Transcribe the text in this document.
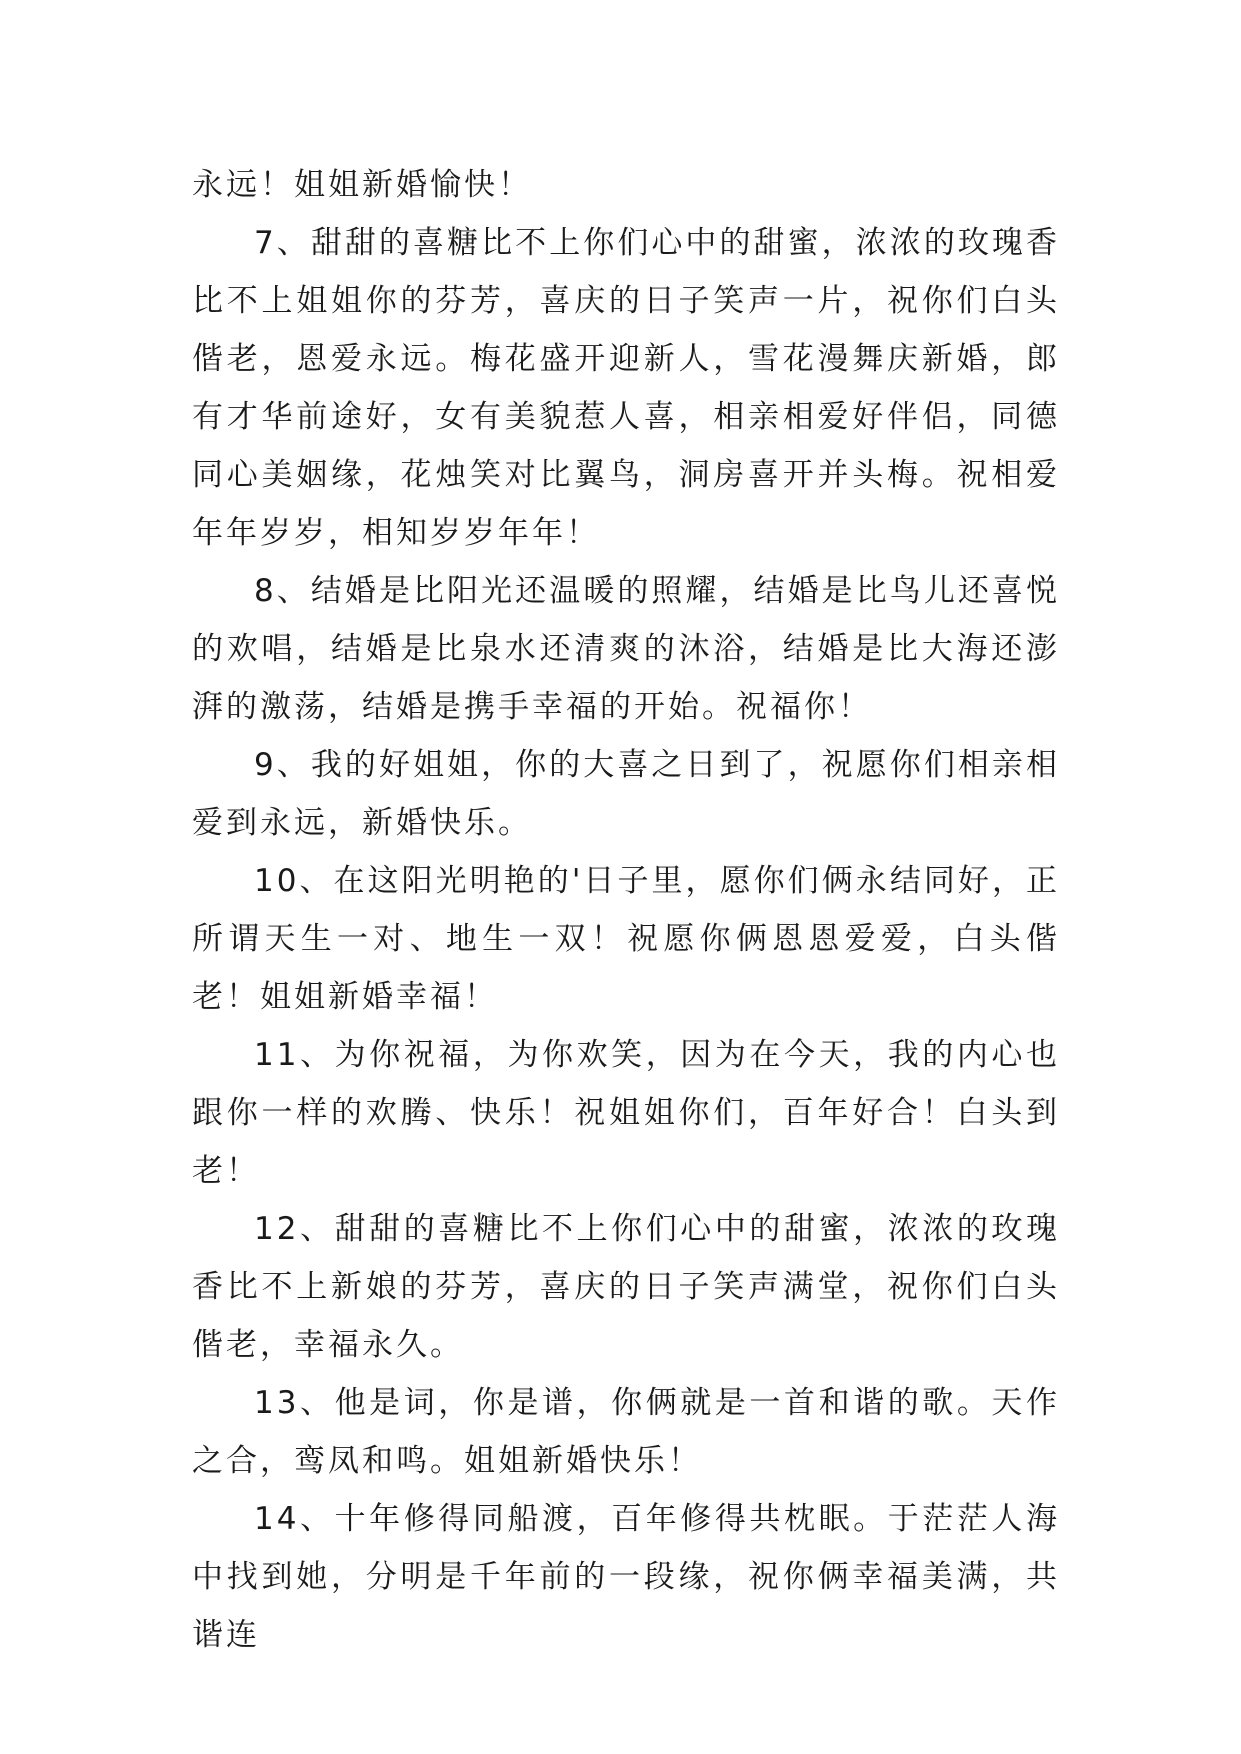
永远！姐姐新婚愉快！

7、甜甜的喜糖比不上你们心中的甜蜜，浓浓的玫瑰香比不上姐姐你的芬芳，喜庆的日子笑声一片，祝你们白头偕老，恩爱永远。梅花盛开迎新人，雪花漫舞庆新婚，郎有才华前途好，女有美貌惹人喜，相亲相爱好伴侣，同德同心美姻缘，花烛笑对比翼鸟，洞房喜开并头梅。祝相爱年年岁岁，相知岁岁年年！

8、结婚是比阳光还温暖的照耀，结婚是比鸟儿还喜悦的欢唱，结婚是比泉水还清爽的沐浴，结婚是比大海还澎湃的激荡，结婚是携手幸福的开始。祝福你！

9、我的好姐姐，你的大喜之日到了，祝愿你们相亲相爱到永远，新婚快乐。

10、在这阳光明艳的'日子里，愿你们俩永结同好，正所谓天生一对、地生一双！祝愿你俩恩恩爱爱，白头偕老！姐姐新婚幸福！

11、为你祝福，为你欢笑，因为在今天，我的内心也跟你一样的欢腾、快乐！祝姐姐你们，百年好合！白头到老！

12、甜甜的喜糖比不上你们心中的甜蜜，浓浓的玫瑰香比不上新娘的芬芳，喜庆的日子笑声满堂，祝你们白头偕老，幸福永久。

13、他是词，你是谱，你俩就是一首和谐的歌。天作之合，鸾凤和鸣。姐姐新婚快乐！

14、十年修得同船渡，百年修得共枕眠。于茫茫人海中找到她，分明是千年前的一段缘，祝你俩幸福美满，共谐连
